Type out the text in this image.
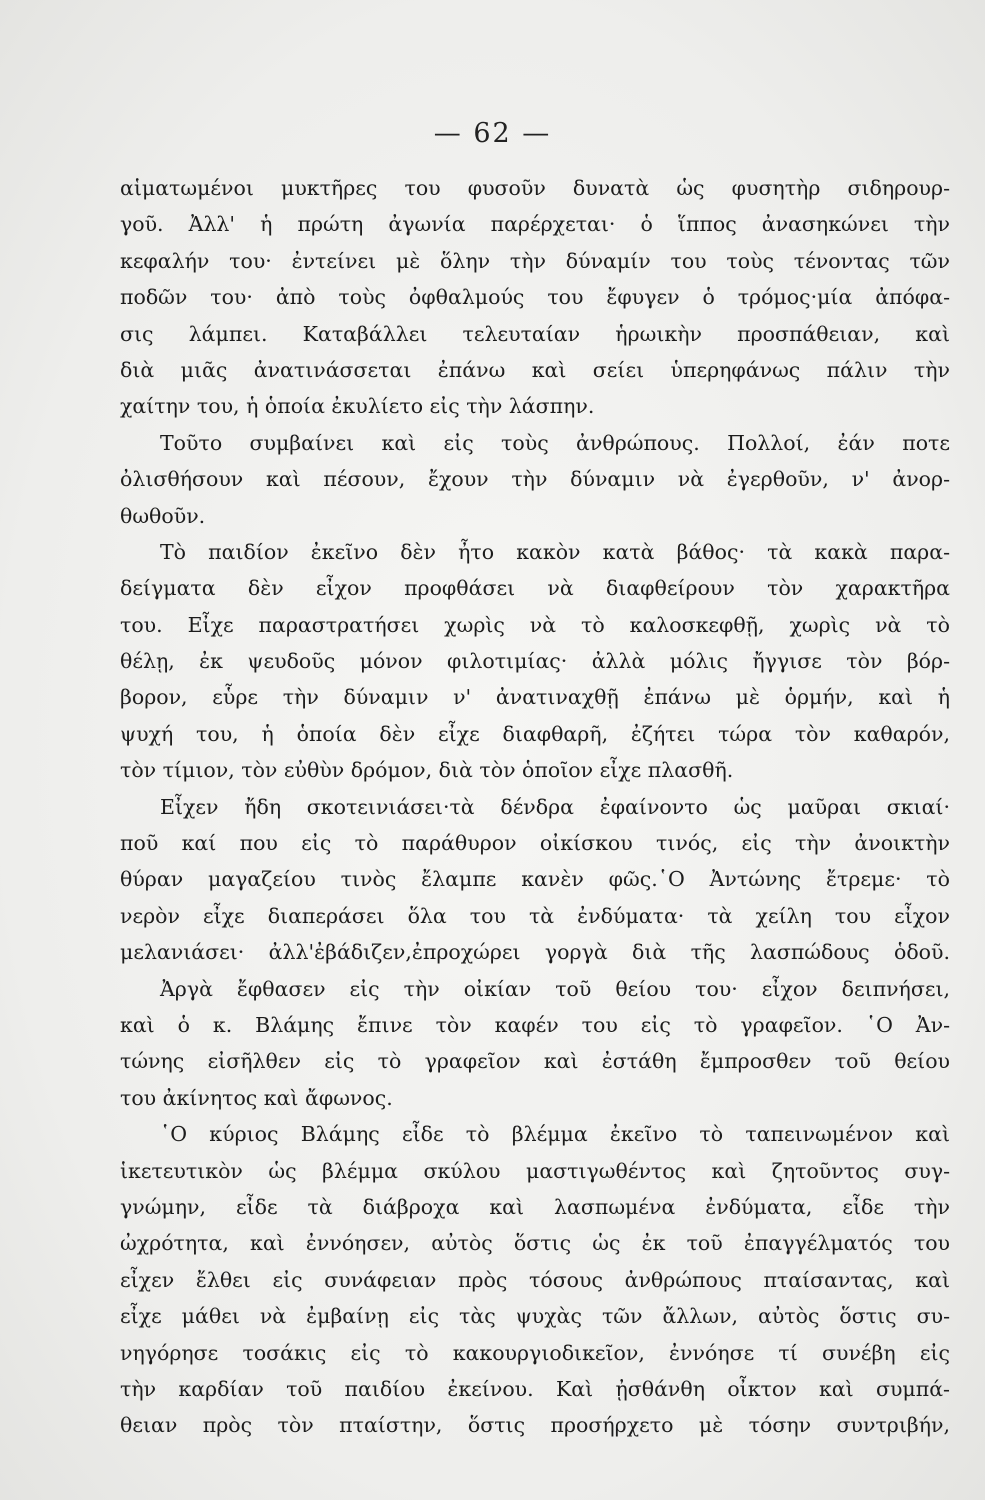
— 62 —
αἱματωμένοι μυκτῆρες του φυσοῦν δυνατὰ ὡς φυσητὴρ σιδηρουρ-
γοῦ. Ἀλλ' ἡ πρώτη ἀγωνία παρέρχεται· ὁ ἵππος ἀνασηκώνει τὴν
κεφαλήν του· ἐντείνει μὲ ὅλην τὴν δύναμίν του τοὺς τένοντας τῶν
ποδῶν του· ἀπὸ τοὺς ὀφθαλμούς του ἔφυγεν ὁ τρόμος·μία ἀπόφα-
σις λάμπει. Καταβάλλει τελευταίαν ἡρωικὴν προσπάθειαν, καὶ
διὰ μιᾶς ἀνατινάσσεται ἐπάνω καὶ σείει ὑπερηφάνως πάλιν τὴν
χαίτην του, ἡ ὁποία ἐκυλίετο εἰς τὴν λάσπην.
Τοῦτο συμβαίνει καὶ εἰς τοὺς ἀνθρώπους. Πολλοί, ἐάν ποτε
ὀλισθήσουν καὶ πέσουν, ἔχουν τὴν δύναμιν νὰ ἐγερθοῦν, ν' ἀνορ-
θωθοῦν.
Τὸ παιδίον ἐκεῖνο δὲν ἦτο κακὸν κατὰ βάθος· τὰ κακὰ παρα-
δείγματα δὲν εἶχον προφθάσει νὰ διαφθείρουν τὸν χαρακτῆρα
του. Εἶχε παραστρατήσει χωρὶς νὰ τὸ καλοσκεφθῇ, χωρὶς νὰ τὸ
θέλῃ, ἐκ ψευδοῦς μόνον φιλοτιμίας· ἀλλὰ μόλις ἤγγισε τὸν βόρ-
βορον, εὗρε τὴν δύναμιν ν' ἀνατιναχθῇ ἐπάνω μὲ ὁρμήν, καὶ ἡ
ψυχή του, ἡ ὁποία δὲν εἶχε διαφθαρῆ, ἐζήτει τώρα τὸν καθαρόν,
τὸν τίμιον, τὸν εὐθὺν δρόμον, διὰ τὸν ὁποῖον εἶχε πλασθῆ.
Εἶχεν ἤδη σκοτεινιάσει·τὰ δένδρα ἐφαίνοντο ὡς μαῦραι σκιαί·
ποῦ καί που εἰς τὸ παράθυρον οἰκίσκου τινός, εἰς τὴν ἀνοικτὴν
θύραν μαγαζείου τινὸς ἔλαμπε κανὲν φῶς.῾Ο Ἀντώνης ἔτρεμε· τὸ
νερὸν εἶχε διαπεράσει ὅλα του τὰ ἐνδύματα· τὰ χείλη του εἶχον
μελανιάσει· ἀλλ'ἐβάδιζεν,ἐπροχώρει γοργὰ διὰ τῆς λασπώδους ὁδοῦ.
Ἀργὰ ἔφθασεν εἰς τὴν οἰκίαν τοῦ θείου του· εἶχον δειπνήσει,
καὶ ὁ κ. Βλάμης ἔπινε τὸν καφέν του εἰς τὸ γραφεῖον. ῾Ο Ἀν-
τώνης εἰσῆλθεν εἰς τὸ γραφεῖον καὶ ἐστάθη ἔμπροσθεν τοῦ θείου
του ἀκίνητος καὶ ἄφωνος.
῾Ο κύριος Βλάμης εἶδε τὸ βλέμμα ἐκεῖνο τὸ ταπεινωμένον καὶ
ἱκετευτικὸν ὡς βλέμμα σκύλου μαστιγωθέντος καὶ ζητοῦντος συγ-
γνώμην, εἶδε τὰ διάβροχα καὶ λασπωμένα ἐνδύματα, εἶδε τὴν
ὠχρότητα, καὶ ἐννόησεν, αὐτὸς ὅστις ὡς ἐκ τοῦ ἐπαγγέλματός του
εἶχεν ἔλθει εἰς συνάφειαν πρὸς τόσους ἀνθρώπους πταίσαντας, καὶ
εἶχε μάθει νὰ ἐμβαίνῃ εἰς τὰς ψυχὰς τῶν ἄλλων, αὐτὸς ὅστις συ-
νηγόρησε τοσάκις εἰς τὸ κακουργιοδικεῖον, ἐννόησε τί συνέβη εἰς
τὴν καρδίαν τοῦ παιδίου ἐκείνου. Καὶ ᾐσθάνθη οἶκτον καὶ συμπά-
θειαν πρὸς τὸν πταίστην, ὅστις προσήρχετο μὲ τόσην συντριβήν,
